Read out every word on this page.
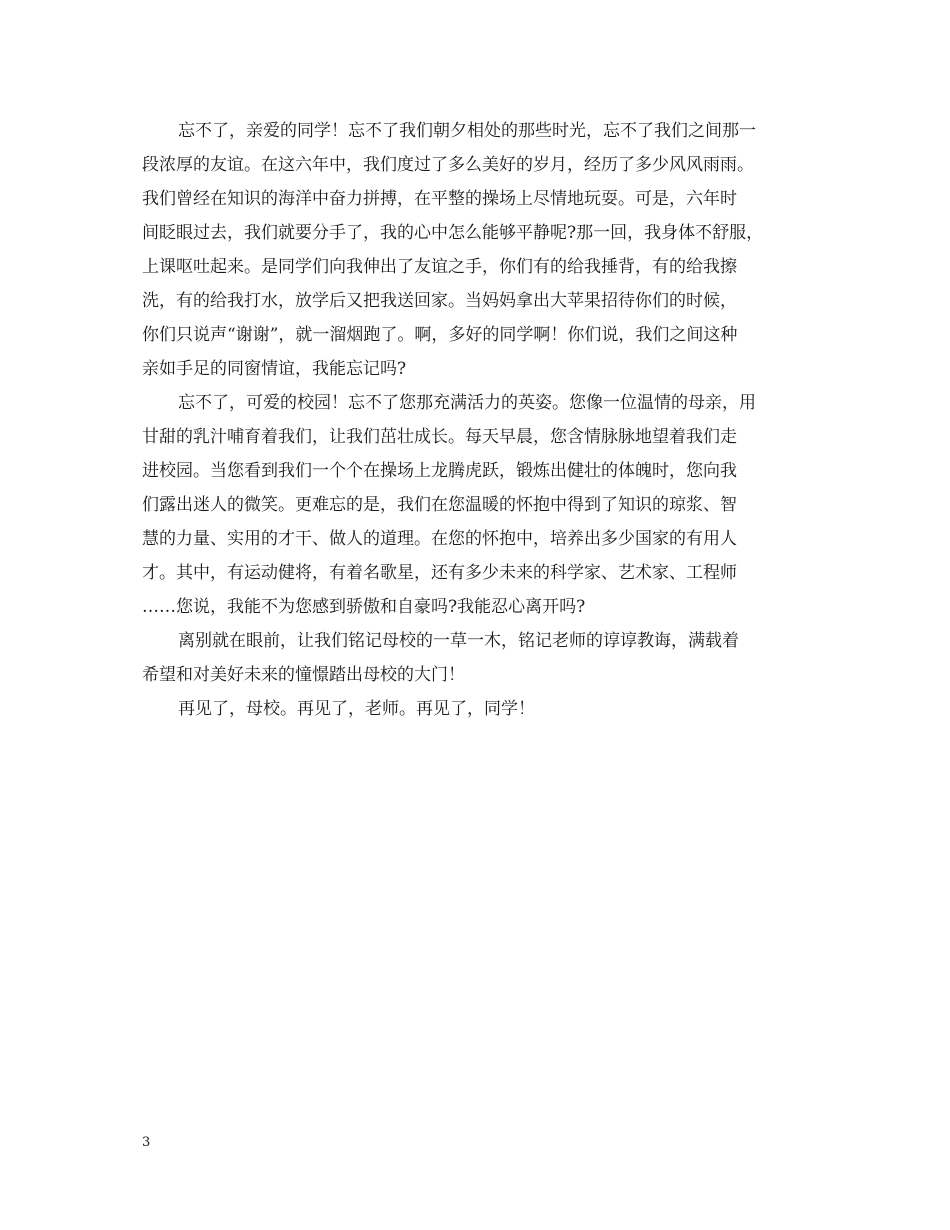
忘不了，亲爱的同学！忘不了我们朝夕相处的那些时光，忘不了我们之间那一
段浓厚的友谊。在这六年中，我们度过了多么美好的岁月，经历了多少风风雨雨。
我们曾经在知识的海洋中奋力拼搏，在平整的操场上尽情地玩耍。可是，六年时
间眨眼过去，我们就要分手了，我的心中怎么能够平静呢?那一回，我身体不舒服，
上课呕吐起来。是同学们向我伸出了友谊之手，你们有的给我捶背，有的给我擦
洗，有的给我打水，放学后又把我送回家。当妈妈拿出大苹果招待你们的时候，
你们只说声“谢谢”，就一溜烟跑了。啊，多好的同学啊！你们说，我们之间这种
亲如手足的同窗情谊，我能忘记吗?
忘不了，可爱的校园！忘不了您那充满活力的英姿。您像一位温情的母亲，用
甘甜的乳汁哺育着我们，让我们茁壮成长。每天早晨，您含情脉脉地望着我们走
进校园。当您看到我们一个个在操场上龙腾虎跃，锻炼出健壮的体魄时，您向我
们露出迷人的微笑。更难忘的是，我们在您温暖的怀抱中得到了知识的琼浆、智
慧的力量、实用的才干、做人的道理。在您的怀抱中，培养出多少国家的有用人
才。其中，有运动健将，有着名歌星，还有多少未来的科学家、艺术家、工程师
……您说，我能不为您感到骄傲和自豪吗?我能忍心离开吗?
离别就在眼前，让我们铭记母校的一草一木，铭记老师的谆谆教诲，满载着
希望和对美好未来的憧憬踏出母校的大门！
再见了，母校。再见了，老师。再见了，同学！
3
